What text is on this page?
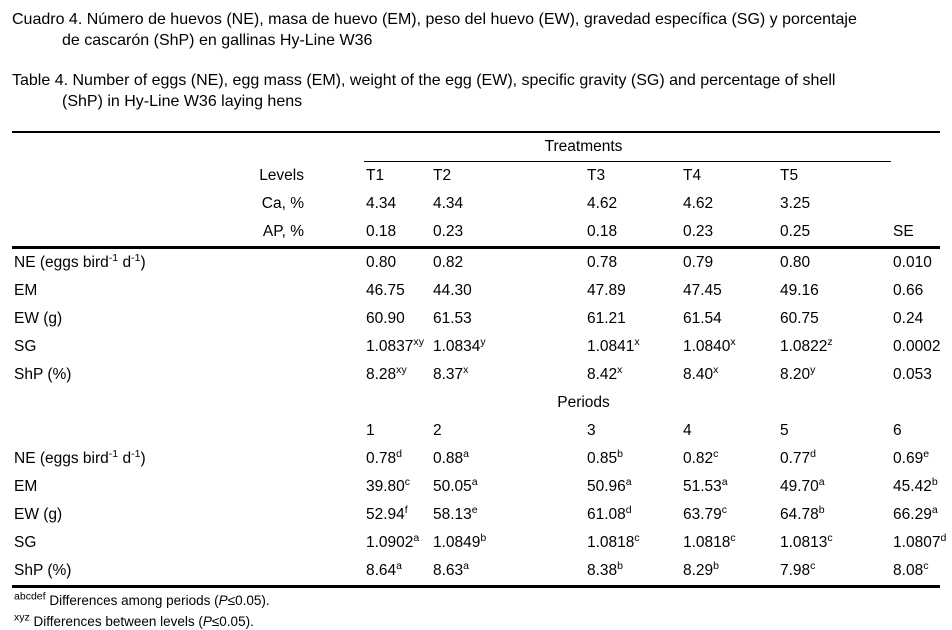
Cuadro 4. Número de huevos (NE), masa de huevo (EM), peso del huevo (EW), gravedad específica (SG) y porcentaje
de cascarón (ShP) en gallinas Hy-Line W36

Table 4. Number of eggs (NE), egg mass (EM), weight of the egg (EW), specific gravity (SG) and percentage of shell
(ShP) in Hy-Line W36 laying hens

	Treatments					
Levels	T1	T2	T3	T4	T5	
Ca, %	4.34	4.34	4.62	4.62	3.25	
AP, %	0.18	0.23	0.18	0.23	0.25	SE
NE (eggs bird$^{-1}$ $d^{-1}$)	0.80	0.82	0.78	0.79	0.80	0.010
EM	46.75	44.30	47.89	47.45	49.16	0.66
EW (g)	60.90	61.53	61.21	61.54	60.75	0.24
SG	$1.0837^{xy}$	1.0834$^y$	1.0841$^x$	1.0840$^x$	1.0822$^z$	0.0002
ShP (%)	$8.28^{xy}$	8.37$^x$	8.42$^x$	8.40$^x$	8.20$^y$	0.053
	Periods					
	1	2	3	4	5	6
NE (eggs bird$^{-1}$ $d^{-1}$)	0.78$^d$	0.88$^a$	0.85$^b$	0.82$^c$	0.77$^d$	0.69e
EM	39.80$^c$	50.05$^a$	50.96$^a$	51.53$^a$	49.70$^a$	45.42$^b$
EW (g)	52.94$^f$	58.13e	61.08$^d$	63.79$^c$	64.78$^b$	66.29$^a$
SG	1.0902$^a$	1.0849$^b$	1.0818$^c$	1.0818$^c$	1.0813$^c$	1.0807$^d$
ShP (%)	8.64$^a$	8.63$^a$	8.38$^b$	8.29$^b$	7.98$^c$	8.08$^c$
$^{abcdef}$ Differences among periods (P≤0.05).
$^{xyz}$ Differences between levels (P≤0.05).
